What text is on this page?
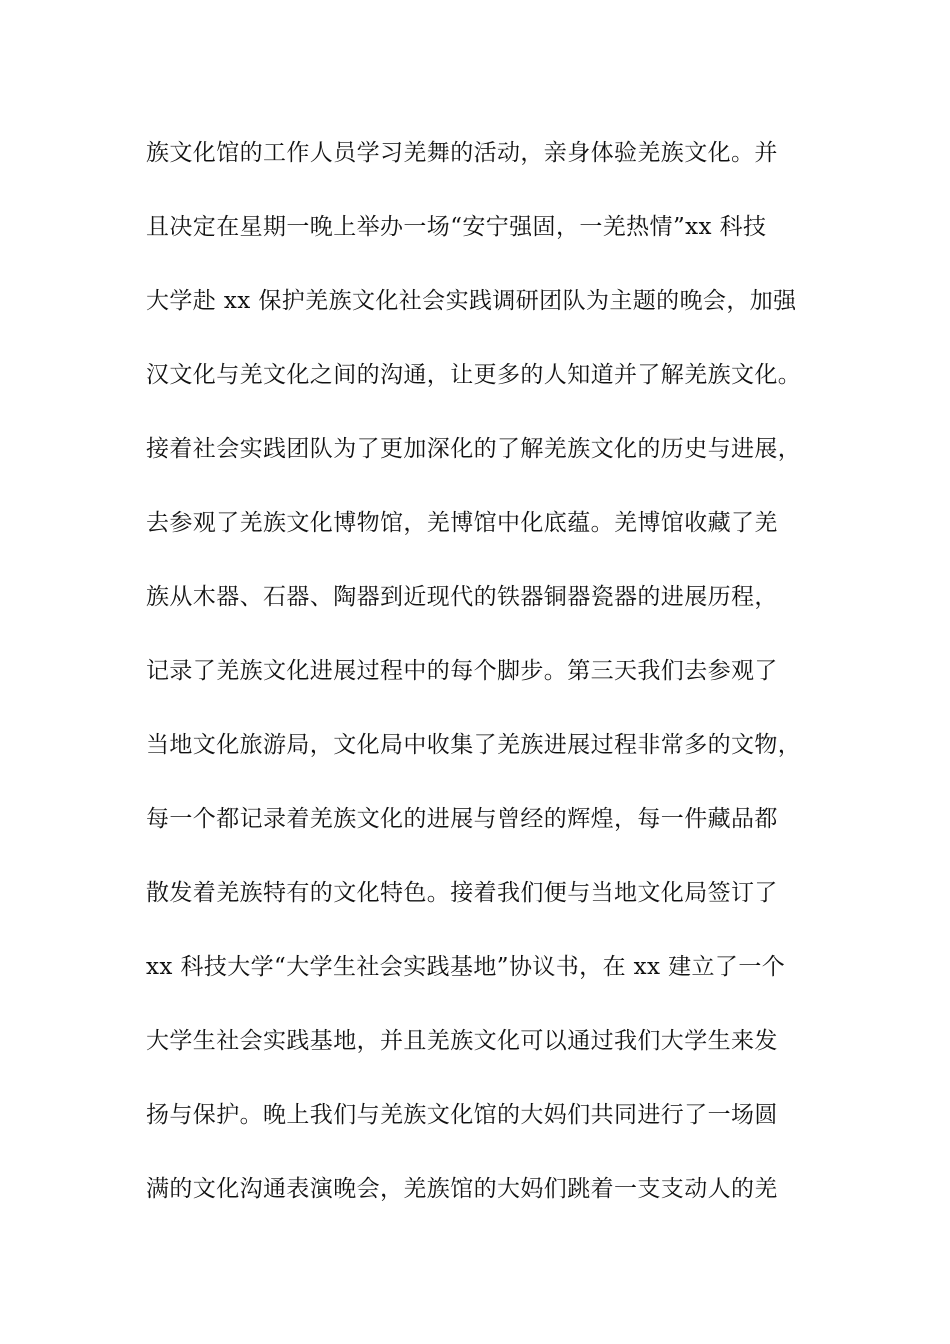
族文化馆的工作人员学习羌舞的活动，亲身体验羌族文化。并
且决定在星期一晚上举办一场“安宁强固，一羌热情”xx 科技
大学赴 xx 保护羌族文化社会实践调研团队为主题的晚会，加强
汉文化与羌文化之间的沟通，让更多的人知道并了解羌族文化。
接着社会实践团队为了更加深化的了解羌族文化的历史与进展，
去参观了羌族文化博物馆，羌博馆中化底蕴。羌博馆收藏了羌
族从木器、石器、陶器到近现代的铁器铜器瓷器的进展历程，
记录了羌族文化进展过程中的每个脚步。第三天我们去参观了
当地文化旅游局，文化局中收集了羌族进展过程非常多的文物，
每一个都记录着羌族文化的进展与曾经的辉煌，每一件藏品都
散发着羌族特有的文化特色。接着我们便与当地文化局签订了
xx 科技大学“大学生社会实践基地”协议书，在 xx 建立了一个
大学生社会实践基地，并且羌族文化可以通过我们大学生来发
扬与保护。晚上我们与羌族文化馆的大妈们共同进行了一场圆
满的文化沟通表演晚会，羌族馆的大妈们跳着一支支动人的羌
